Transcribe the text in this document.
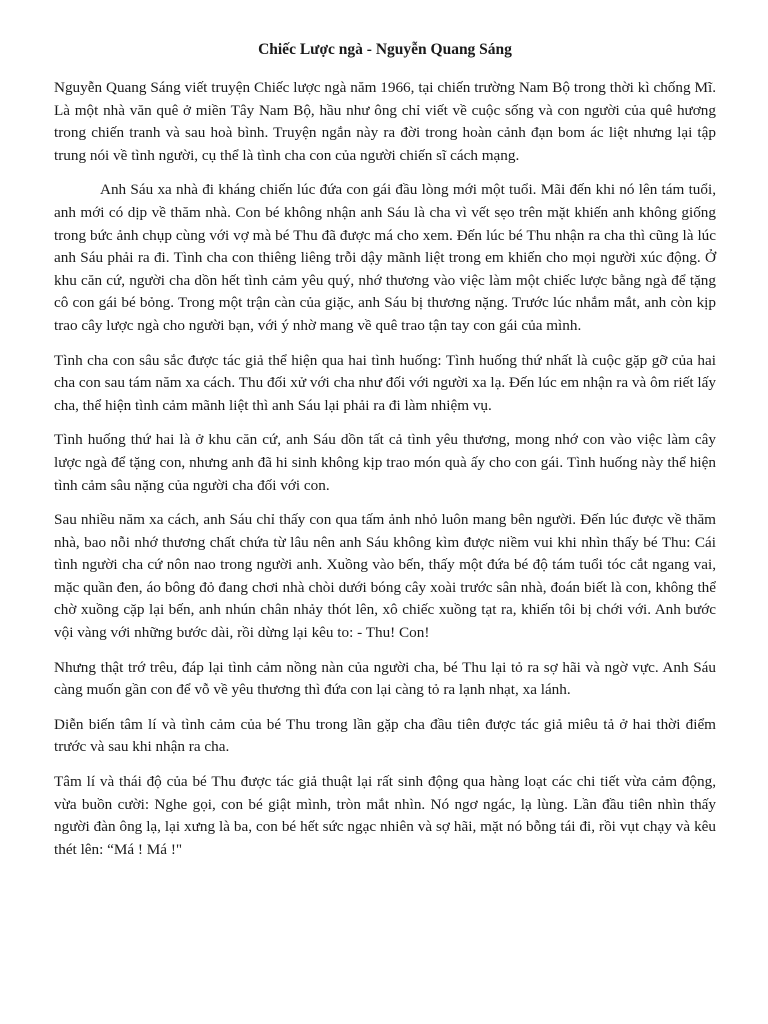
Chiếc Lược ngà - Nguyễn Quang Sáng

Nguyễn Quang Sáng viết truyện Chiếc lược ngà năm 1966, tại chiến trường Nam Bộ trong thời kì chống Mĩ. Là một nhà văn quê ở miền Tây Nam Bộ, hầu như ông chỉ viết về cuộc sống và con người của quê hương trong chiến tranh và sau hoà bình. Truyện ngắn này ra đời trong hoàn cảnh đạn bom ác liệt nhưng lại tập trung nói về tình người, cụ thể là tình cha con của người chiến sĩ cách mạng.

Anh Sáu xa nhà đi kháng chiến lúc đứa con gái đầu lòng mới một tuổi. Mãi đến khi nó lên tám tuổi, anh mới có dịp về thăm nhà. Con bé không nhận anh Sáu là cha vì vết sẹo trên mặt khiến anh không giống trong bức ảnh chụp cùng với vợ mà bé Thu đã được má cho xem. Đến lúc bé Thu nhận ra cha thì cũng là lúc anh Sáu phải ra đi. Tình cha con thiêng liêng trỗi dậy mãnh liệt trong em khiến cho mọi người xúc động. Ở khu căn cứ, người cha dồn hết tình cảm yêu quý, nhớ thương vào việc làm một chiếc lược bằng ngà để tặng cô con gái bé bỏng. Trong một trận càn của giặc, anh Sáu bị thương nặng. Trước lúc nhắm mắt, anh còn kịp trao cây lược ngà cho người bạn, với ý nhờ mang về quê trao tận tay con gái của mình.

Tình cha con sâu sắc được tác giả thể hiện qua hai tình huống: Tình huống thứ nhất là cuộc gặp gỡ của hai cha con sau tám năm xa cách. Thu đối xử với cha như đối với người xa lạ. Đến lúc em nhận ra và ôm riết lấy cha, thể hiện tình cảm mãnh liệt thì anh Sáu lại phải ra đi làm nhiệm vụ.

Tình huống thứ hai là ở khu căn cứ, anh Sáu dồn tất cả tình yêu thương, mong nhớ con vào việc làm cây lược ngà để tặng con, nhưng anh đã hi sinh không kịp trao món quà ấy cho con gái. Tình huống này thể hiện tình cảm sâu nặng của người cha đối với con.

Sau nhiều năm xa cách, anh Sáu chỉ thấy con qua tấm ảnh nhỏ luôn mang bên người. Đến lúc được về thăm nhà, bao nỗi nhớ thương chất chứa từ lâu nên anh Sáu không kìm được niềm vui khi nhìn thấy bé Thu: Cái tình người cha cứ nôn nao trong người anh. Xuồng vào bến, thấy một đứa bé độ tám tuổi tóc cắt ngang vai, mặc quần đen, áo bông đỏ đang chơi nhà chòi dưới bóng cây xoài trước sân nhà, đoán biết là con, không thể chờ xuồng cặp lại bến, anh nhún chân nhảy thót lên, xô chiếc xuồng tạt ra, khiến tôi bị chới với. Anh bước vội vàng với những bước dài, rồi dừng lại kêu to: - Thu! Con!

Nhưng thật trớ trêu, đáp lại tình cảm nồng nàn của người cha, bé Thu lại tỏ ra sợ hãi và ngờ vực. Anh Sáu càng muốn gần con để vỗ về yêu thương thì đứa con lại càng tỏ ra lạnh nhạt, xa lánh.

Diễn biến tâm lí và tình cảm của bé Thu trong lần gặp cha đầu tiên được tác giả miêu tả ở hai thời điểm trước và sau khi nhận ra cha.

Tâm lí và thái độ của bé Thu được tác giả thuật lại rất sinh động qua hàng loạt các chi tiết vừa cảm động, vừa buồn cười: Nghe gọi, con bé giật mình, tròn mắt nhìn. Nó ngơ ngác, lạ lùng. Lần đầu tiên nhìn thấy người đàn ông lạ, lại xưng là ba, con bé hết sức ngạc nhiên và sợ hãi, mặt nó bỗng tái đi, rồi vụt chạy và kêu thét lên: “Má ! Má !"
